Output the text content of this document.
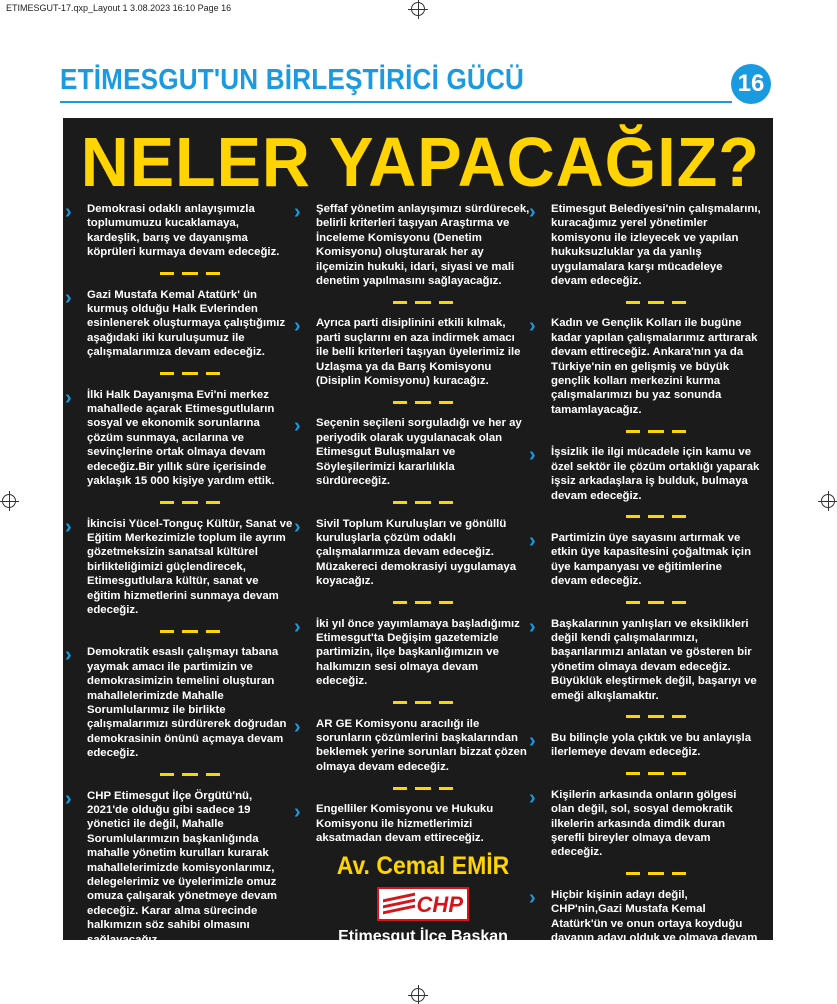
ETIMESGUT-17.qxp_Layout 1 3.08.2023 16:10 Page 16
ETİMESGUT'UN BİRLEŞTİRİCİ GÜCÜ	16
NELER YAPACAĞIZ?
› Demokrasi odaklı anlayışımızla toplumumuzu kucaklamaya, kardeşlik, barış ve dayanışma köprüleri kurmaya devam edeceğiz.
› Gazi Mustafa Kemal Atatürk' ün kurmuş olduğu Halk Evlerinden esinlenerek oluşturmaya çalıştığımız aşağıdaki iki kuruluşumuz ile çalışmalarımıza devam edeceğiz.
› İlki Halk Dayanışma Evi'ni merkez mahallede açarak Etimesgutluların sosyal ve ekonomik sorunlarına çözüm sunmaya, acılarına ve sevinçlerine ortak olmaya devam edeceğiz.Bir yıllık süre içerisinde yaklaşık 15 000 kişiye yardım ettik.
› İkincisi Yücel-Tonguç Kültür, Sanat ve Eğitim Merkezimizle toplum ile ayrım gözetmeksizin sanatsal kültürel birlikteliğimizi güçlendirecek, Etimesgutlulara kültür, sanat ve eğitim hizmetlerini sunmaya devam edeceğiz.
› Demokratik esaslı çalışmayı tabana yaymak amacı ile partimizin ve demokrasimizin temelini oluşturan mahallelerimizde Mahalle Sorumlularımız ile birlikte çalışmalarımızı sürdürerek doğrudan demokrasinin önünü açmaya devam edeceğiz.
› CHP Etimesgut İlçe Örgütü'nü, 2021'de olduğu gibi sadece 19 yönetici ile değil, Mahalle Sorumlularımızın başkanlığında mahalle yönetim kurulları kurarak mahallelerimizde komisyonlarımız, delegelerimiz ve üyelerimizle omuz omuza çalışarak yönetmeye devam edeceğiz. Karar alma sürecinde halkımızın söz sahibi olmasını sağlayacağız.
› Şeffaf yönetim anlayışımızı sürdürecek, belirli kriterleri taşıyan Araştırma ve İnceleme Komisyonu (Denetim Komisyonu) oluşturarak her ay ilçemizin hukuki, idari, siyasi ve mali denetim yapılmasını sağlayacağız.
› Ayrıca parti disiplinini etkili kılmak, parti suçlarını en aza indirmek amacı ile belli kriterleri taşıyan üyelerimiz ile Uzlaşma ya da Barış Komisyonu (Disiplin Komisyonu) kuracağız.
› Seçenin seçileni sorguladığı ve her ay periyodik olarak uygulanacak olan Etimesgut Buluşmaları ve Söyleşilerimizi kararlılıkla sürdüreceğiz.
› Sivil Toplum Kuruluşları ve gönüllü kuruluşlarla çözüm odaklı çalışmalarımıza devam edeceğiz. Müzakereci demokrasiyi uygulamaya koyacağız.
› İki yıl önce yayımlamaya başladığımız Etimesgut'ta Değişim gazetemizle partimizin, ilçe başkanlığımızın ve halkımızın sesi olmaya devam edeceğiz.
› AR GE Komisyonu aracılığı ile sorunların çözümlerini başkalarından beklemek yerine sorunları bizzat çözen olmaya devam edeceğiz.
› Engelliler Komisyonu ve Hukuku Komisyonu ile hizmetlerimizi aksatmadan devam ettireceğiz.
Av. Cemal EMİR
CHP
Etimesgut İlçe Başkan
Adayı
› Etimesgut Belediyesi'nin çalışmalarını, kuracağımız yerel yönetimler komisyonu ile izleyecek ve yapılan hukuksuzluklar ya da yanlış uygulamalara karşı mücadeleye devam edeceğiz.
› Kadın ve Gençlik Kolları ile bugüne kadar yapılan çalışmalarımız arttırarak devam ettireceğiz. Ankara'nın ya da Türkiye'nin en gelişmiş ve büyük gençlik kolları merkezini kurma çalışmalarımızı bu yaz sonunda tamamlayacağız.
› İşsizlik ile ilgi mücadele için kamu ve özel sektör ile çözüm ortaklığı yaparak işsiz arkadaşlara iş bulduk, bulmaya devam edeceğiz.
› Partimizin üye sayasını artırmak ve etkin üye kapasitesini çoğaltmak için üye kampanyası ve eğitimlerine devam edeceğiz.
› Başkalarının yanlışları ve eksiklikleri değil kendi çalışmalarımızı, başarılarımızı anlatan ve gösteren bir yönetim olmaya devam edeceğiz. Büyüklük eleştirmek değil, başarıyı ve emeği alkışlamaktır.
› Bu bilinçle yola çıktık ve bu anlayışla ilerlemeye devam edeceğiz.
› Kişilerin arkasında onların gölgesi olan değil, sol, sosyal demokratik ilkelerin arkasında dimdik duran şerefli bireyler olmaya devam edeceğiz.
› Hiçbir kişinin adayı değil, CHP'nin,Gazi Mustafa Kemal Atatürk'ün ve onun ortaya koyduğu davanın adayı olduk ve olmaya devam edeceğiz.
